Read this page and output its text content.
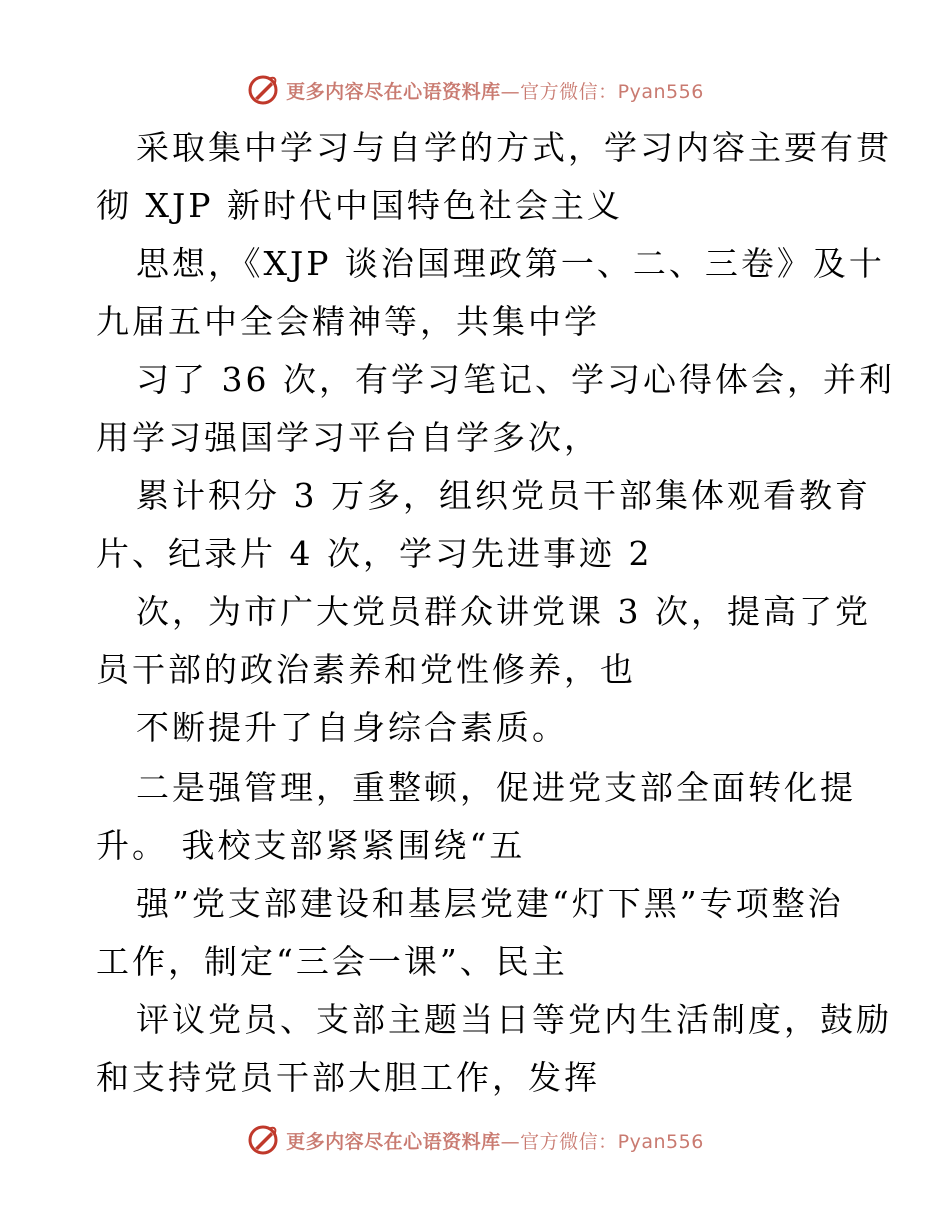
更多内容尽在心语资料库—官方微信：Pyan556
采取集中学习与自学的方式，学习内容主要有贯
彻 XJP 新时代中国特色社会主义
思想，《XJP 谈治国理政第一、二、三卷》及十
九届五中全会精神等，共集中学
习了 36 次，有学习笔记、学习心得体会，并利
用学习强国学习平台自学多次，
累计积分 3 万多，组织党员干部集体观看教育
片、纪录片 4 次，学习先进事迹 2
次，为市广大党员群众讲党课 3 次，提高了党
员干部的政治素养和党性修养，也
不断提升了自身综合素质。
二是强管理，重整顿，促进党支部全面转化提
升。 我校支部紧紧围绕“五
强”党支部建设和基层党建“灯下黑”专项整治
工作，制定“三会一课”、民主
评议党员、支部主题当日等党内生活制度，鼓励
和支持党员干部大胆工作，发挥
更多内容尽在心语资料库—官方微信：Pyan556
